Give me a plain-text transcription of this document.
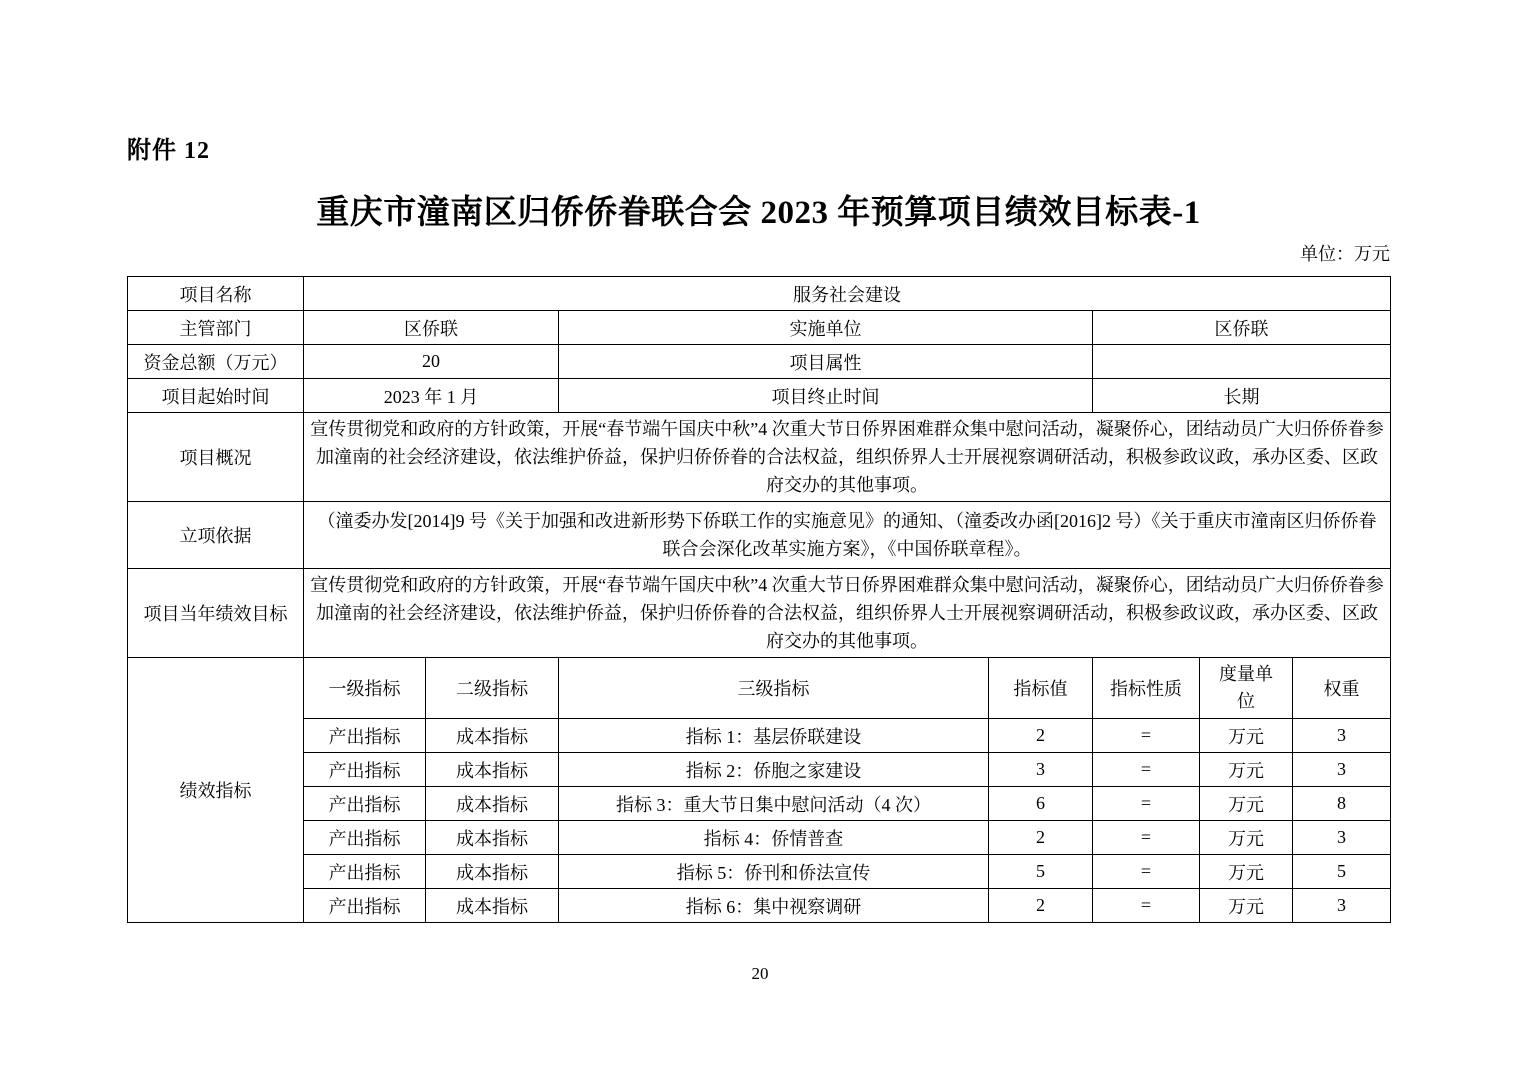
附件 12
重庆市潼南区归侨侨眷联合会 2023 年预算项目绩效目标表-1
单位：万元
项目名称	服务社会建设						
主管部门	区侨联		实施单位		区侨联		
资金总额（万元）	20		项目属性				
项目起始时间	2023 年 1 月		项目终止时间		长期		
项目概况	宣传贯彻党和政府的方针政策，开展“春节端午国庆中秋”4 次重大节日侨界困难群众集中慰问活动，凝聚侨心，团结动员广大归侨侨眷参加潼南的社会经济建设，依法维护侨益，保护归侨侨眷的合法权益，组织侨界人士开展视察调研活动，积极参政议政，承办区委、区政府交办的其他事项。						
立项依据	（潼委办发[2014]9 号《关于加强和改进新形势下侨联工作的实施意见》的通知、（潼委改办函[2016]2 号）《关于重庆市潼南区归侨侨眷联合会深化改革实施方案》，《中国侨联章程》。						
项目当年绩效目标	宣传贯彻党和政府的方针政策，开展“春节端午国庆中秋”4 次重大节日侨界困难群众集中慰问活动，凝聚侨心，团结动员广大归侨侨眷参加潼南的社会经济建设，依法维护侨益，保护归侨侨眷的合法权益，组织侨界人士开展视察调研活动，积极参政议政，承办区委、区政府交办的其他事项。						
绩效指标	一级指标	二级指标	三级指标	指标值	指标性质	度量单位	权重
	产出指标	成本指标	指标 1：基层侨联建设	2	=	万元	3
	产出指标	成本指标	指标 2：侨胞之家建设	3	=	万元	3
	产出指标	成本指标	指标 3：重大节日集中慰问活动（4 次）	6	=	万元	8
	产出指标	成本指标	指标 4：侨情普查	2	=	万元	3
	产出指标	成本指标	指标 5：侨刊和侨法宣传	5	=	万元	5
	产出指标	成本指标	指标 6：集中视察调研	2	=	万元	3
20
